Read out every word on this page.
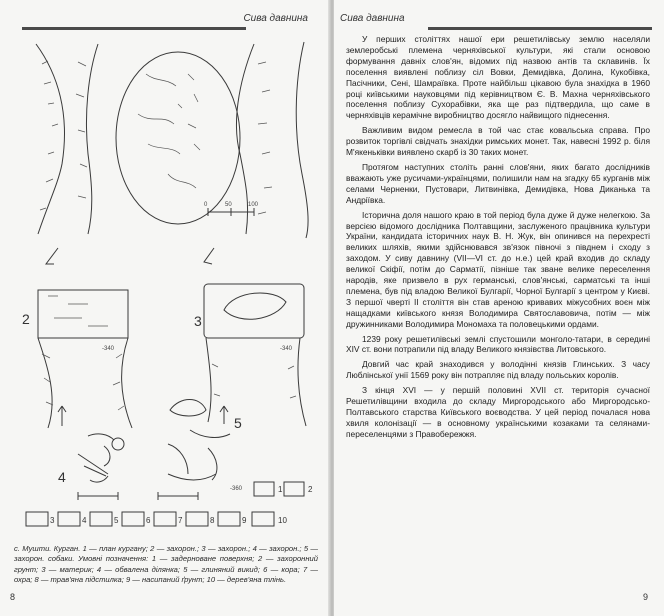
Сива давнина
0	50	100
2
-340
3
-340
4
5
-360	1	2
3	4	5	6	7	8	9	10
с. Мушти. Курган. 1 — план кургану; 2 — захорон.; 3 — захорон.; 4 — захорон.; 5 — захорон. собаки. Умовні позначення: 1 — задерноване поверхня; 2 — захоронний грунт; 3 — материк; 4 — обвалена ділянка; 5 — глиняний викид; 6 — кора; 7 — охра; 8 — трав'яна підстилка; 9 — насипаний ґрунт; 10 — дерев'яна тлінь.
8
Сива давнина

У перших століттях нашої ери решетилівську землю населяли землеробські племена черняхівської культури, які стали основою формування давніх слов'ян, відомих під назвою антів та склавинів. Їх поселення виявлені поблизу сіл Вовки, Демидівка, Долина, Кукобівка, Пасічники, Сені, Шамраївка. Проте найбільш цікавою була знахідка в 1960 році київськими науковцями під керівництвом Є. В. Махна черняхівського поселення поблизу Сухорабівки, яка ще раз підтвердила, що саме в черняхівців керамічне виробництво досягло найвищого піднесення.

Важливим видом ремесла в той час стає ковальська справа. Про розвиток торгівлі свідчать знахідки римських монет. Так, навесні 1992 р. біля М'якеньківки виявлено скарб із 30 таких монет.

Протягом наступних століть ранні слов'яни, яких багато дослідників вважають уже русичами-українцями, полишили нам на згадку 65 курганів між селами Черненки, Пустовари, Литвинівка, Демидівка, Нова Диканька та Андріївка.

Історична доля нашого краю в той період була дуже й дуже нелегкою. За версією відомого дослідника Полтавщини, заслуженого працівника культури України, кандидата історичних наук В. Н. Жук, він опинився на перехресті великих шляхів, якими здійснювався зв'язок півночі з півднем і сходу з заходом. У сиву давнину (VII—VI ст. до н.е.) цей край входив до складу великої Скіфії, потім до Сарматії, пізніше так зване велике переселення народів, яке призвело в рух германські, слов'янські, сарматські та інші племена, був під владою Великої Булгарії, Чорної Булгарії з центром у Києві. З першої чверті ІІ століття він став ареною кривавих міжусобних воєн між нащадками київського князя Володимира Святославовича, потім — між дружинниками Володимира Мономаха та половецькими ордами.

1239 року решетилівські землі спустошили монголо-татари, в середині XIV ст. вони потрапили під владу Великого князівства Литовського.

Довгий час край знаходився у володінні князів Глинських. З часу Люблінської унії 1569 року він потрапляє під владу польських королів.

З кінця XVI — у першій половині XVII ст. територія сучасної Решетилівщини входила до складу Миргородського або Миргородсько-Полтавського старства Київського воєводства. У цей період почалася нова хвиля колонізації — в основному українськими козаками та селянами-переселенцями з Правобережжя.

9
